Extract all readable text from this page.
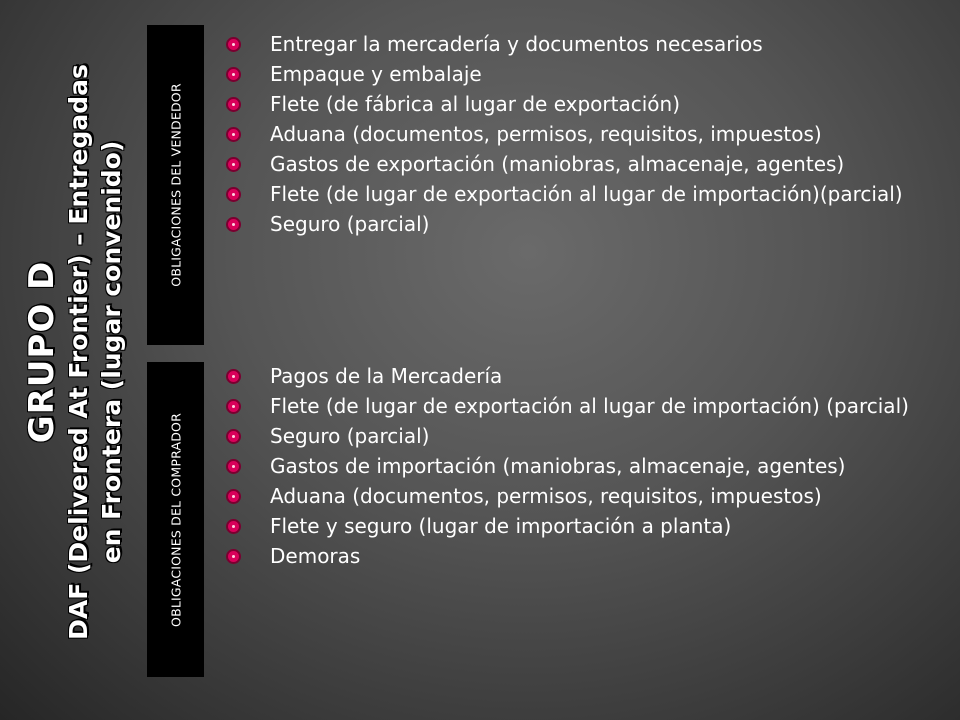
GRUPO D DAF (Delivered At Frontier) – Entregadas en Frontera (lugar convenido)	OBLIGACIONES DEL VENDEDOR
OBLIGACIONES DEL COMPRADOR
Entregar la mercadería y documentos necesarios
Empaque y embalaje
Flete (de fábrica al lugar de exportación)
Aduana (documentos, permisos, requisitos, impuestos)
Gastos de exportación (maniobras, almacenaje, agentes)
Flete (de lugar de exportación al lugar de importación)(parcial)
Seguro (parcial)
Pagos de la Mercadería
Flete (de lugar de exportación al lugar de importación) (parcial)
Seguro (parcial)
Gastos de importación (maniobras, almacenaje, agentes)
Aduana (documentos, permisos, requisitos, impuestos)
Flete y seguro (lugar de importación a planta)
Demoras
